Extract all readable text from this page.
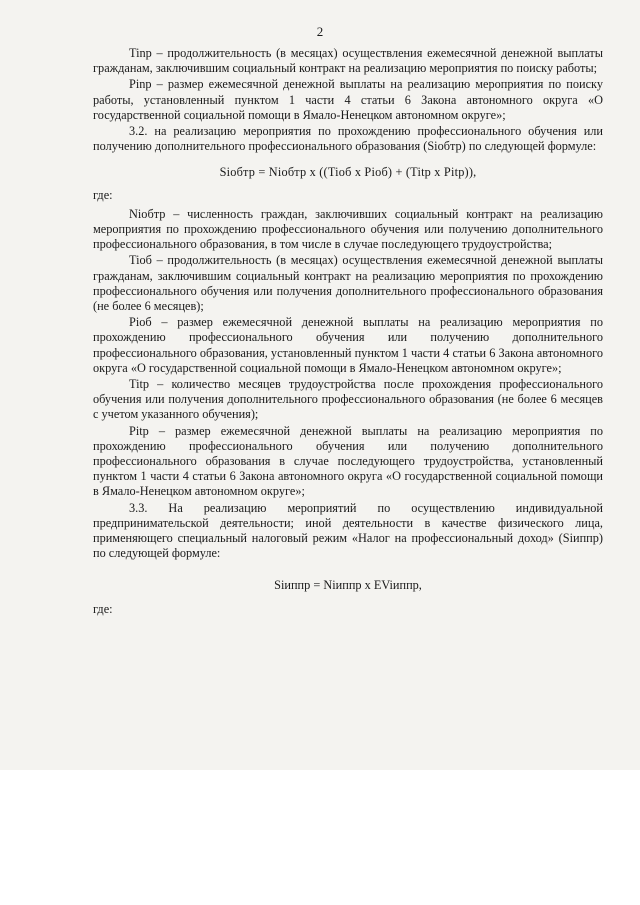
2

Tinp – продолжительность (в месяцах) осуществления ежемесячной денежной выплаты гражданам, заключившим социальный контракт на реализацию мероприятия по поиску работы;

Pinp – размер ежемесячной денежной выплаты на реализацию мероприятия по поиску работы, установленный пунктом 1 части 4 статьи 6 Закона автономного округа «О государственной социальной помощи в Ямало-Ненецком автономном округе»;

3.2. на реализацию мероприятия по прохождению профессионального обучения или получению дополнительного профессионального образования (Siобтр) по следующей формуле:

Siобтр = Niобтр x ((Tiоб x Piоб) + (Titр x Pitр)),

где:

Niобтр – численность граждан, заключивших социальный контракт на реализацию мероприятия по прохождению профессионального обучения или получению дополнительного профессионального образования, в том числе в случае последующего трудоустройства;

Tiоб – продолжительность (в месяцах) осуществления ежемесячной денежной выплаты гражданам, заключившим социальный контракт на реализацию мероприятия по прохождению профессионального обучения или получения дополнительного профессионального образования (не более 6 месяцев);

Piоб – размер ежемесячной денежной выплаты на реализацию мероприятия по прохождению профессионального обучения или получению дополнительного профессионального образования, установленный пунктом 1 части 4 статьи 6 Закона автономного округа «О государственной социальной помощи в Ямало-Ненецком автономном округе»;

Titр – количество месяцев трудоустройства после прохождения профессионального обучения или получения дополнительного профессионального образования (не более 6 месяцев с учетом указанного обучения);

Pitр – размер ежемесячной денежной выплаты на реализацию мероприятия по прохождению профессионального обучения или получению дополнительного профессионального образования в случае последующего трудоустройства, установленный пунктом 1 части 4 статьи 6 Закона автономного округа «О государственной социальной помощи в Ямало-Ненецком автономном округе»;

3.3. На реализацию мероприятий по осуществлению индивидуальной предпринимательской деятельности; иной деятельности в качестве физического лица, применяющего специальный налоговый режим «Налог на профессиональный доход» (Siиппр) по следующей формуле:

Siиппр = Niиппр x EViиппр,

где:
